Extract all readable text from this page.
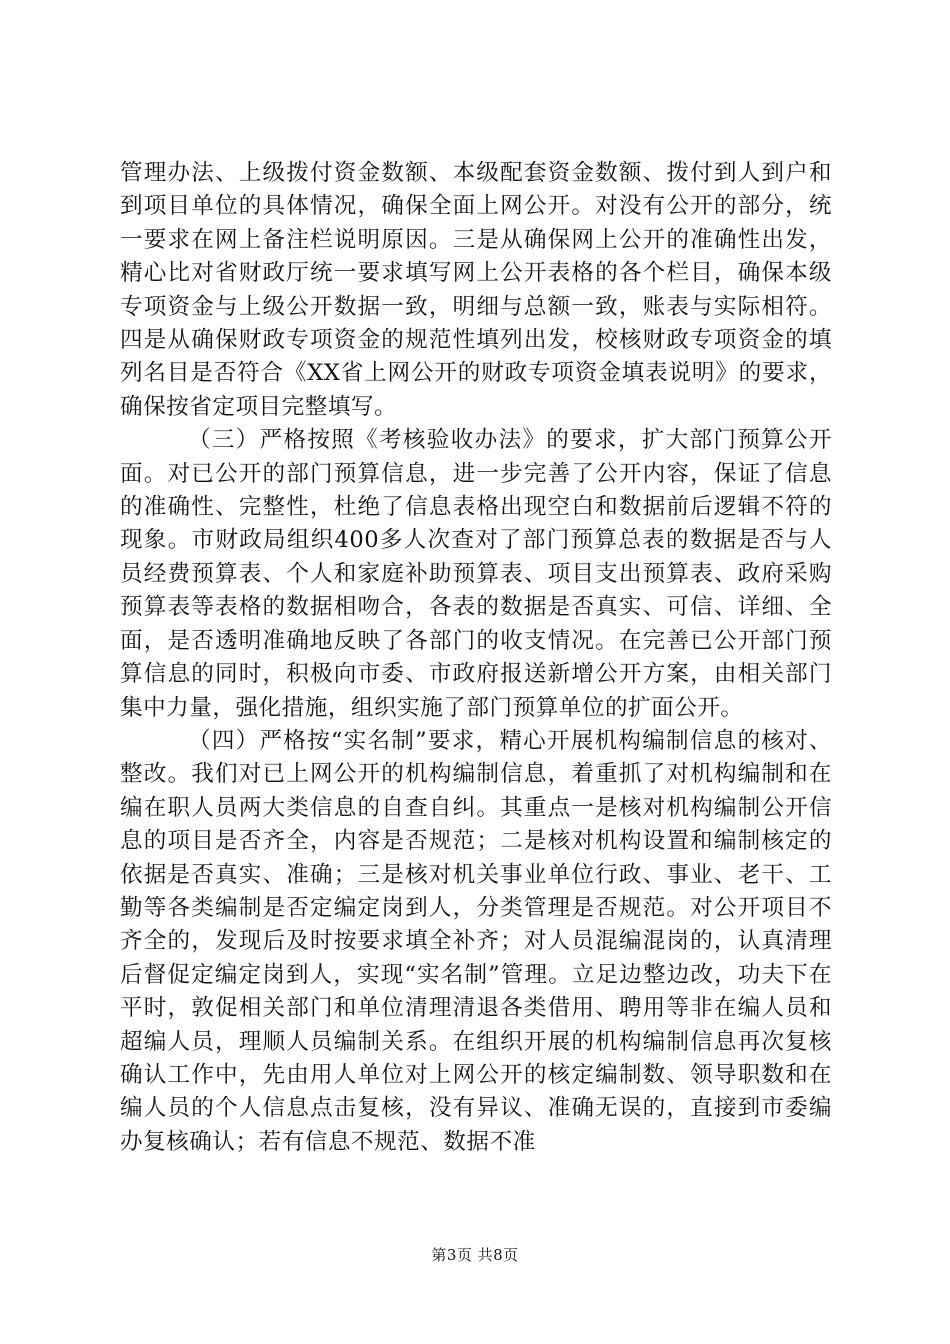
管理办法、上级拨付资金数额、本级配套资金数额、拨付到人到户和到项目单位的具体情况，确保全面上网公开。对没有公开的部分，统一要求在网上备注栏说明原因。三是从确保网上公开的准确性出发，精心比对省财政厅统一要求填写网上公开表格的各个栏目，确保本级专项资金与上级公开数据一致，明细与总额一致，账表与实际相符。四是从确保财政专项资金的规范性填列出发，校核财政专项资金的填列名目是否符合《XX省上网公开的财政专项资金填表说明》的要求，确保按省定项目完整填写。

（三）严格按照《考核验收办法》的要求，扩大部门预算公开面。对已公开的部门预算信息，进一步完善了公开内容，保证了信息的准确性、完整性，杜绝了信息表格出现空白和数据前后逻辑不符的现象。市财政局组织400多人次查对了部门预算总表的数据是否与人员经费预算表、个人和家庭补助预算表、项目支出预算表、政府采购预算表等表格的数据相吻合，各表的数据是否真实、可信、详细、全面，是否透明准确地反映了各部门的收支情况。在完善已公开部门预算信息的同时，积极向市委、市政府报送新增公开方案，由相关部门集中力量，强化措施，组织实施了部门预算单位的扩面公开。

（四）严格按“实名制”要求，精心开展机构编制信息的核对、整改。我们对已上网公开的机构编制信息，着重抓了对机构编制和在编在职人员两大类信息的自查自纠。其重点一是核对机构编制公开信息的项目是否齐全，内容是否规范；二是核对机构设置和编制核定的依据是否真实、准确；三是核对机关事业单位行政、事业、老干、工勤等各类编制是否定编定岗到人，分类管理是否规范。对公开项目不齐全的，发现后及时按要求填全补齐；对人员混编混岗的，认真清理后督促定编定岗到人，实现“实名制”管理。立足边整边改，功夫下在平时，敦促相关部门和单位清理清退各类借用、聘用等非在编人员和超编人员，理顺人员编制关系。在组织开展的机构编制信息再次复核确认工作中，先由用人单位对上网公开的核定编制数、领导职数和在编人员的个人信息点击复核，没有异议、准确无误的，直接到市委编办复核确认；若有信息不规范、数据不准

第3页 共8页
